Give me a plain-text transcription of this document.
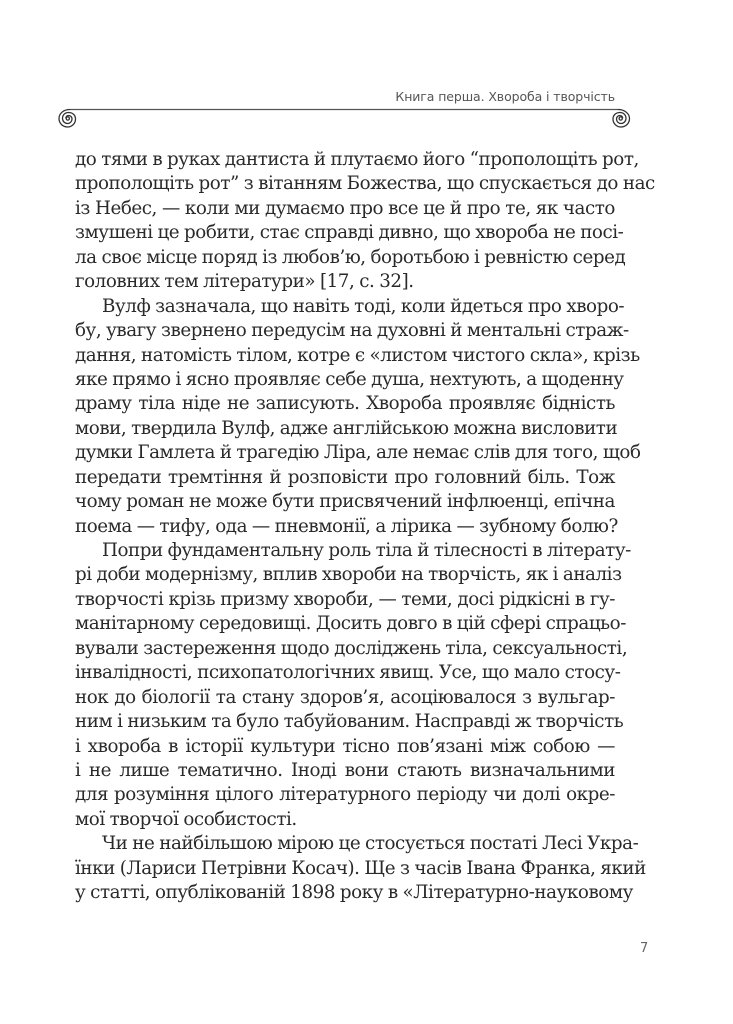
Книга перша. Хвороба і творчість
до тями в руках дантиста й плутаємо його “прополощіть рот,
прополощіть рот” з вітанням Божества, що спускається до нас
із Небес, — коли ми думаємо про все це й про те, як часто
змушені це робити, стає справді дивно, що хвороба не посі-
ла своє місце поряд із любов’ю, боротьбою і ревністю серед
головних тем літератури» [17, с. 32].
Вулф зазначала, що навіть тоді, коли йдеться про хворо-
бу, увагу звернено передусім на духовні й ментальні страж-
дання, натомість тілом, котре є «листом чистого скла», крізь
яке прямо і ясно проявляє себе душа, нехтують, а щоденну
драму тіла ніде не записують. Хвороба проявляє бідність
мови, твердила Вулф, адже англійською можна висловити
думки Гамлета й трагедію Ліра, але немає слів для того, щоб
передати тремтіння й розповісти про головний біль. Тож
чому роман не може бути присвячений інфлюенці, епічна
поема — тифу, ода — пневмонії, а лірика — зубному болю?
Попри фундаментальну роль тіла й тілесності в літерату-
рі доби модернізму, вплив хвороби на творчість, як і аналіз
творчості крізь призму хвороби, — теми, досі рідкісні в гу-
манітарному середовищі. Досить довго в цій сфері спрацьо-
вували застереження щодо досліджень тіла, сексуальності,
інвалідності, психопатологічних явищ. Усе, що мало стосу-
нок до біології та стану здоров’я, асоціювалося з вульгар-
ним і низьким та було табуйованим. Насправді ж творчість
і хвороба в історії культури тісно пов’язані між собою —
і не лише тематично. Іноді вони стають визначальними
для розуміння цілого літературного періоду чи долі окре-
мої творчої особистості.
Чи не найбільшою мірою це стосується постаті Лесі Укра-
їнки (Лариси Петрівни Косач). Ще з часів Івана Франка, який
у статті, опублікованій 1898 року в «Літературно-науковому
7
